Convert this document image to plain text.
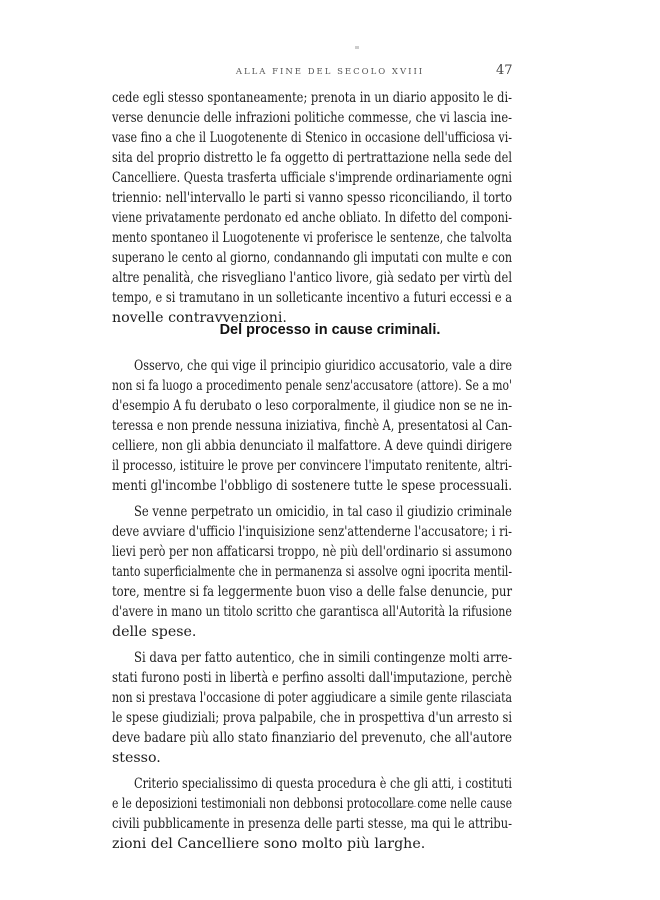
ALLA FINE DEL SECOLO XVIII	47
cede egli stesso spontaneamente; prenota in un diario apposito le di-
verse denuncie delle infrazioni politiche commesse, che vi lascia ine-
vase fino a che il Luogotenente di Stenico in occasione dell'ufficiosa vi-
sita del proprio distretto le fa oggetto di pertrattazione nella sede del
Cancelliere. Questa trasferta ufficiale s'imprende ordinariamente ogni
triennio: nell'intervallo le parti si vanno spesso riconciliando, il torto
viene privatamente perdonato ed anche obliato. In difetto del componi-
mento spontaneo il Luogotenente vi proferisce le sentenze, che talvolta
superano le cento al giorno, condannando gli imputati con multe e con
altre penalità, che risvegliano l'antico livore, già sedato per virtù del
tempo, e si tramutano in un solleticante incentivo a futuri eccessi e a
novelle contravvenzioni.
Osservo, che qui vige il principio giuridico accusatorio, vale a dire
non si fa luogo a procedimento penale senz'accusatore (attore). Se a mo'
d'esempio A fu derubato o leso corporalmente, il giudice non se ne in-
teressa e non prende nessuna iniziativa, finchè A, presentatosi al Can-
celliere, non gli abbia denunciato il malfattore. A deve quindi dirigere
il processo, istituire le prove per convincere l'imputato renitente, altri-
menti gl'incombe l'obbligo di sostenere tutte le spese processuali.
Se venne perpetrato un omicidio, in tal caso il giudizio criminale
deve avviare d'ufficio l'inquisizione senz'attenderne l'accusatore; i ri-
lievi però per non affaticarsi troppo, nè più dell'ordinario si assumono
tanto superficialmente che in permanenza si assolve ogni ipocrita mentil-
tore, mentre si fa leggermente buon viso a delle false denuncie, pur
d'avere in mano un titolo scritto che garantisca all'Autorità la rifusione
delle spese.
Si dava per fatto autentico, che in simili contingenze molti arre-
stati furono posti in libertà e perfino assolti dall'imputazione, perchè
non si prestava l'occasione di poter aggiudicare a simile gente rilasciata
le spese giudiziali; prova palpabile, che in prospettiva d'un arresto si
deve badare più allo stato finanziario del prevenuto, che all'autore
stesso.
Criterio specialissimo di questa procedura è che gli atti, i costituti
e le deposizioni testimoniali non debbonsi protocollare come nelle cause
civili pubblicamente in presenza delle parti stesse, ma qui le attribu-
zioni del Cancelliere sono molto più larghe.
Del processo in cause criminali.
